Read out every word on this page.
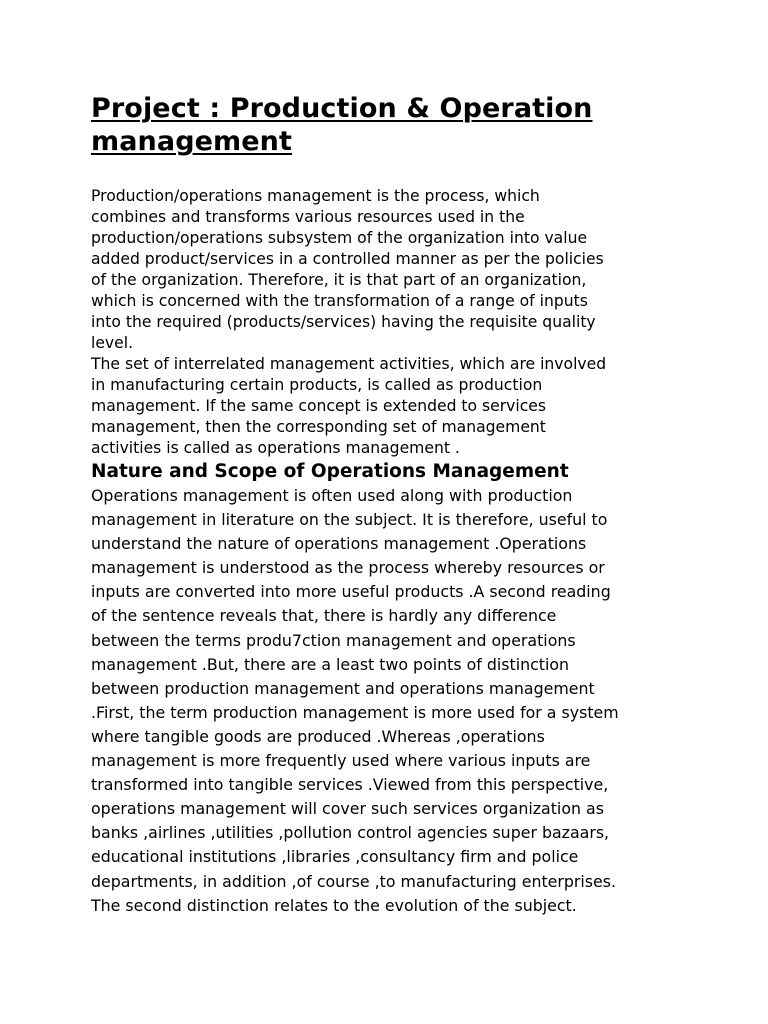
Project : Production & Operation
management

Production/operations management is the process, which
combines and transforms various resources used in the
production/operations subsystem of the organization into value
added product/services in a controlled manner as per the policies
of the organization. Therefore, it is that part of an organization,
which is concerned with the transformation of a range of inputs
into the required (products/services) having the requisite quality
level.

The set of interrelated management activities, which are involved
in manufacturing certain products, is called as production
management. If the same concept is extended to services
management, then the corresponding set of management
activities is called as operations management .

Nature and Scope of Operations Management

Operations management is often used along with production
management in literature on the subject. It is therefore, useful to
understand the nature of operations management .Operations
management is understood as the process whereby resources or
inputs are converted into more useful products .A second reading
of the sentence reveals that, there is hardly any difference
between the terms produ7ction management and operations
management .But, there are a least two points of distinction
between production management and operations management
.First, the term production management is more used for a system
where tangible goods are produced .Whereas ,operations
management is more frequently used where various inputs are
transformed into tangible services .Viewed from this perspective,
operations management will cover such services organization as
banks ,airlines ,utilities ,pollution control agencies super bazaars,
educational institutions ,libraries ,consultancy firm and police
departments, in addition ,of course ,to manufacturing enterprises.
The second distinction relates to the evolution of the subject.
